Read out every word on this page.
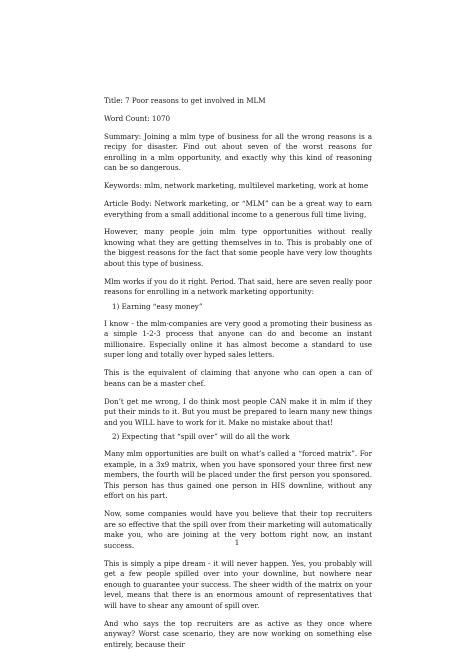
Title: 7 Poor reasons to get involved in MLM

Word Count: 1070

Summary: Joining a mlm type of business for all the wrong reasons is a recipy for disaster. Find out about seven of the worst reasons for enrolling in a mlm opportunity, and exactly why this kind of reasoning can be so dangerous.

Keywords: mlm, network marketing, multilevel marketing, work at home

Article Body: Network marketing, or “MLM” can be a great way to earn everything from a small additional income to a generous full time living,

However, many people join mlm type opportunities without really knowing what they are getting themselves in to. This is probably one of the biggest reasons for the fact that some people have very low thoughts about this type of business.

Mlm works if you do it right. Period. That said, here are seven really poor reasons for enrolling in a network marketing opportunity:

1) Earning “easy money”

I know - the mlm-companies are very good a promoting their business as a simple 1-2-3 process that anyone can do and become an instant millionaire. Especially online it has almost become a standard to use super long and totally over hyped sales letters.

This is the equivalent of claiming that anyone who can open a can of beans can be a master chef.

Don’t get me wrong, I do think most people CAN make it in mlm if they put their minds to it. But you must be prepared to learn many new things and you WILL have to work for it. Make no mistake about that!

2) Expecting that “spill over” will do all the work

Many mlm opportunities are built on what’s called a “forced matrix”. For example, in a 3x9 matrix, when you have sponsored your three first new members, the fourth will be placed under the first person you sponsored. This person has thus gained one person in HIS downline, without any effort on his part.

Now, some companies would have you believe that their top recruiters are so effective that the spill over from their marketing will automatically make you, who are joining at the very bottom right now, an instant success.

This is simply a pipe dream - it will never happen. Yes, you probably will get a few people spilled over into your downline, but nowhere near enough to guarantee your success. The sheer width of the matrix on your level, means that there is an enormous amount of representatives that will have to shear any amount of spill over.

And who says the top recruiters are as active as they once where anyway? Worst case scenario, they are now working on something else entirely, because their

1
